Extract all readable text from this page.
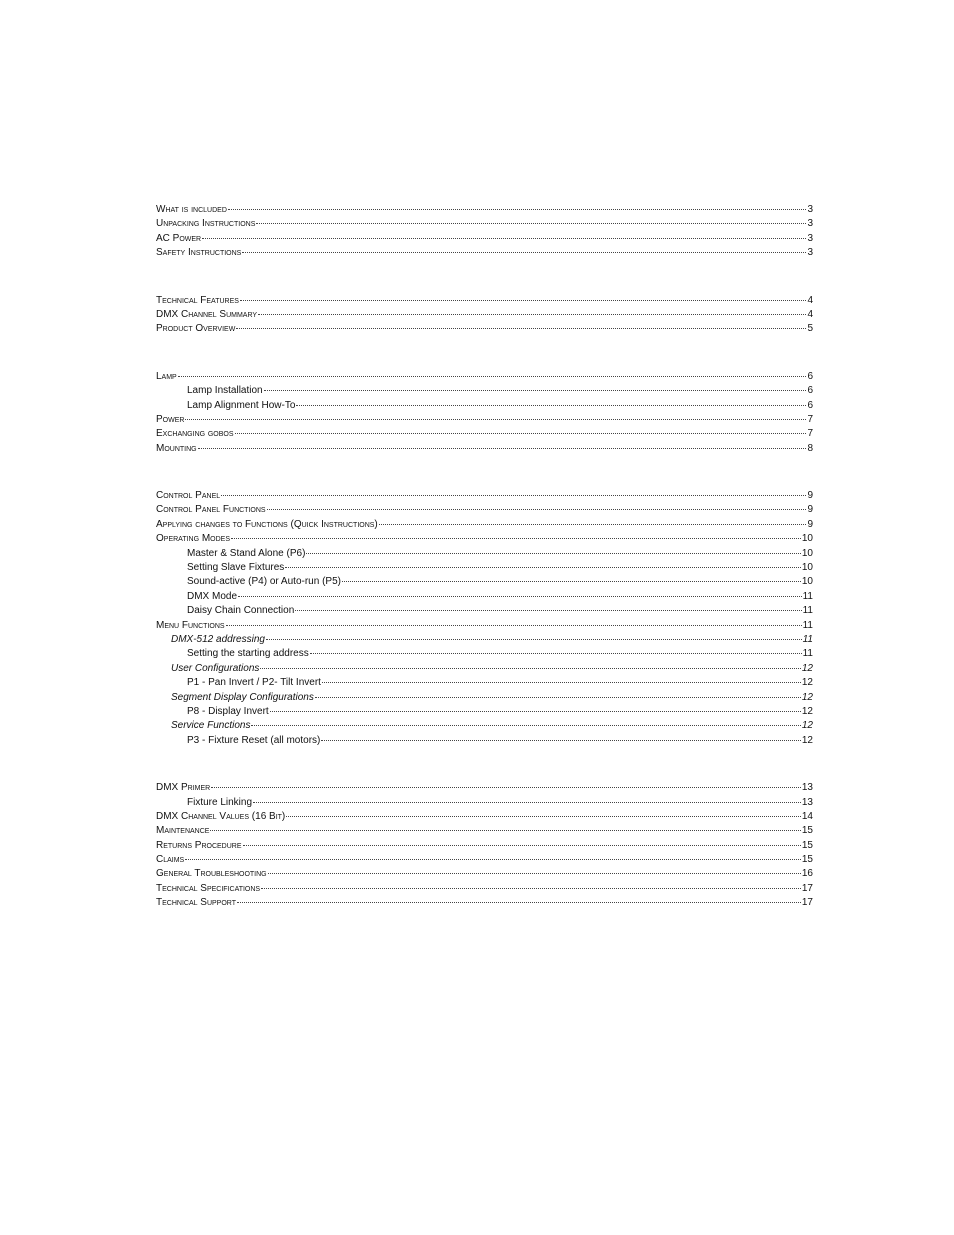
What is included	3
Unpacking Instructions	3
AC Power	3
Safety Instructions	3
Technical Features	4
DMX Channel Summary	4
Product Overview	5
Lamp	6
Lamp Installation	6
Lamp Alignment How-To	6
Power	7
Exchanging gobos	7
Mounting	8
Control Panel	9
Control Panel Functions	9
Applying changes to Functions (Quick Instructions)	9
Operating Modes	10
Master & Stand Alone (P6)	10
Setting Slave Fixtures	10
Sound-active (P4) or Auto-run (P5)	10
DMX Mode	11
Daisy Chain Connection	11
Menu Functions	11
DMX-512 addressing	11
Setting the starting address	11
User Configurations	12
P1 - Pan Invert / P2- Tilt Invert	12
Segment Display Configurations	12
P8 - Display Invert	12
Service Functions	12
P3 - Fixture Reset (all motors)	12
DMX Primer	13
Fixture Linking	13
DMX Channel Values (16 Bit)	14
Maintenance	15
Returns Procedure	15
Claims	15
General Troubleshooting	16
Technical Specifications	17
Technical Support	17
